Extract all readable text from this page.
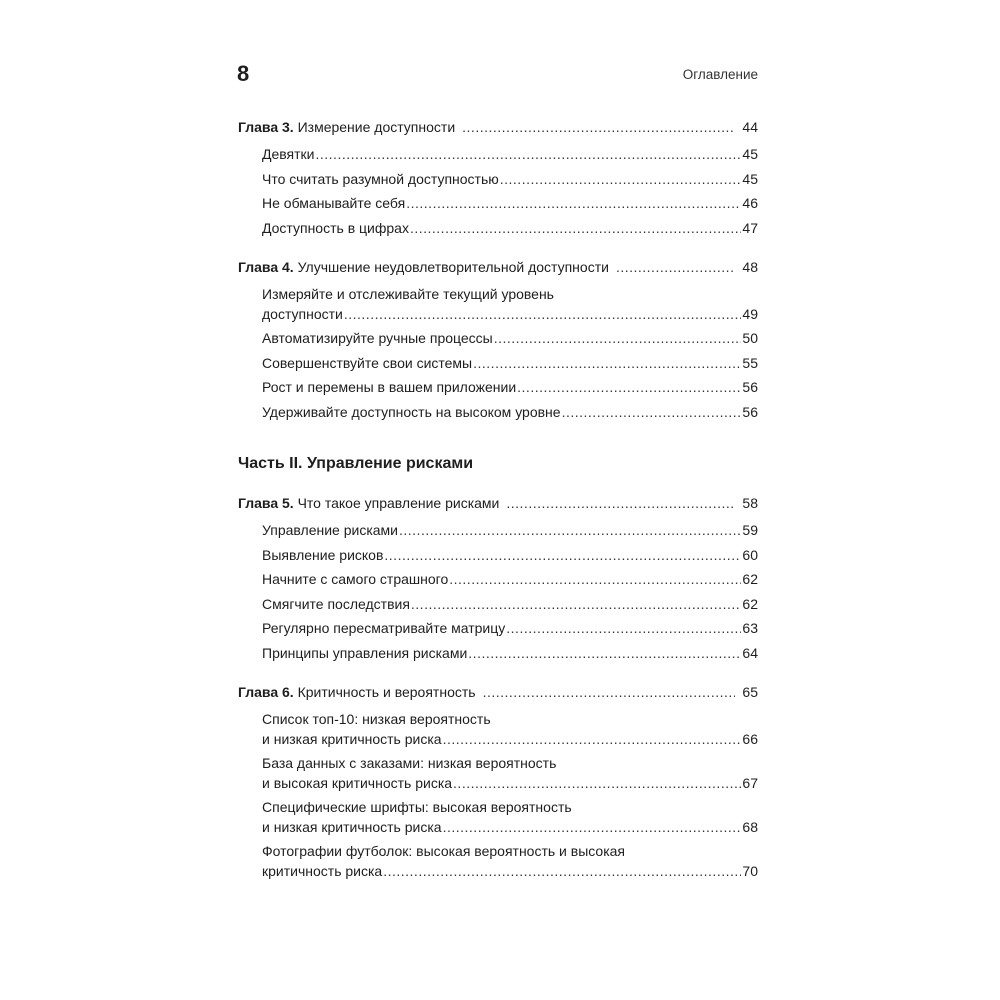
8	Оглавление
Глава 3. Измерение доступности .....	44
Девятки .....	45
Что считать разумной доступностью .....	45
Не обманывайте себя .....	46
Доступность в цифрах .....	47
Глава 4. Улучшение неудовлетворительной доступности .....	48
Измеряйте и отслеживайте текущий уровень
доступности .....	49
Автоматизируйте ручные процессы .....	50
Совершенствуйте свои системы .....	55
Рост и перемены в вашем приложении .....	56
Удерживайте доступность на высоком уровне .....	56
Часть II. Управление рисками
Глава 5. Что такое управление рисками .....	58
Управление рисками .....	59
Выявление рисков .....	60
Начните с самого страшного .....	62
Смягчите последствия .....	62
Регулярно пересматривайте матрицу .....	63
Принципы управления рисками .....	64
Глава 6. Критичность и вероятность .....	65
Список топ-10: низкая вероятность
и низкая критичность риска .....	66
База данных с заказами: низкая вероятность
и высокая критичность риска .....	67
Специфические шрифты: высокая вероятность
и низкая критичность риска .....	68
Фотографии футболок: высокая вероятность и высокая
критичность риска .....	70
